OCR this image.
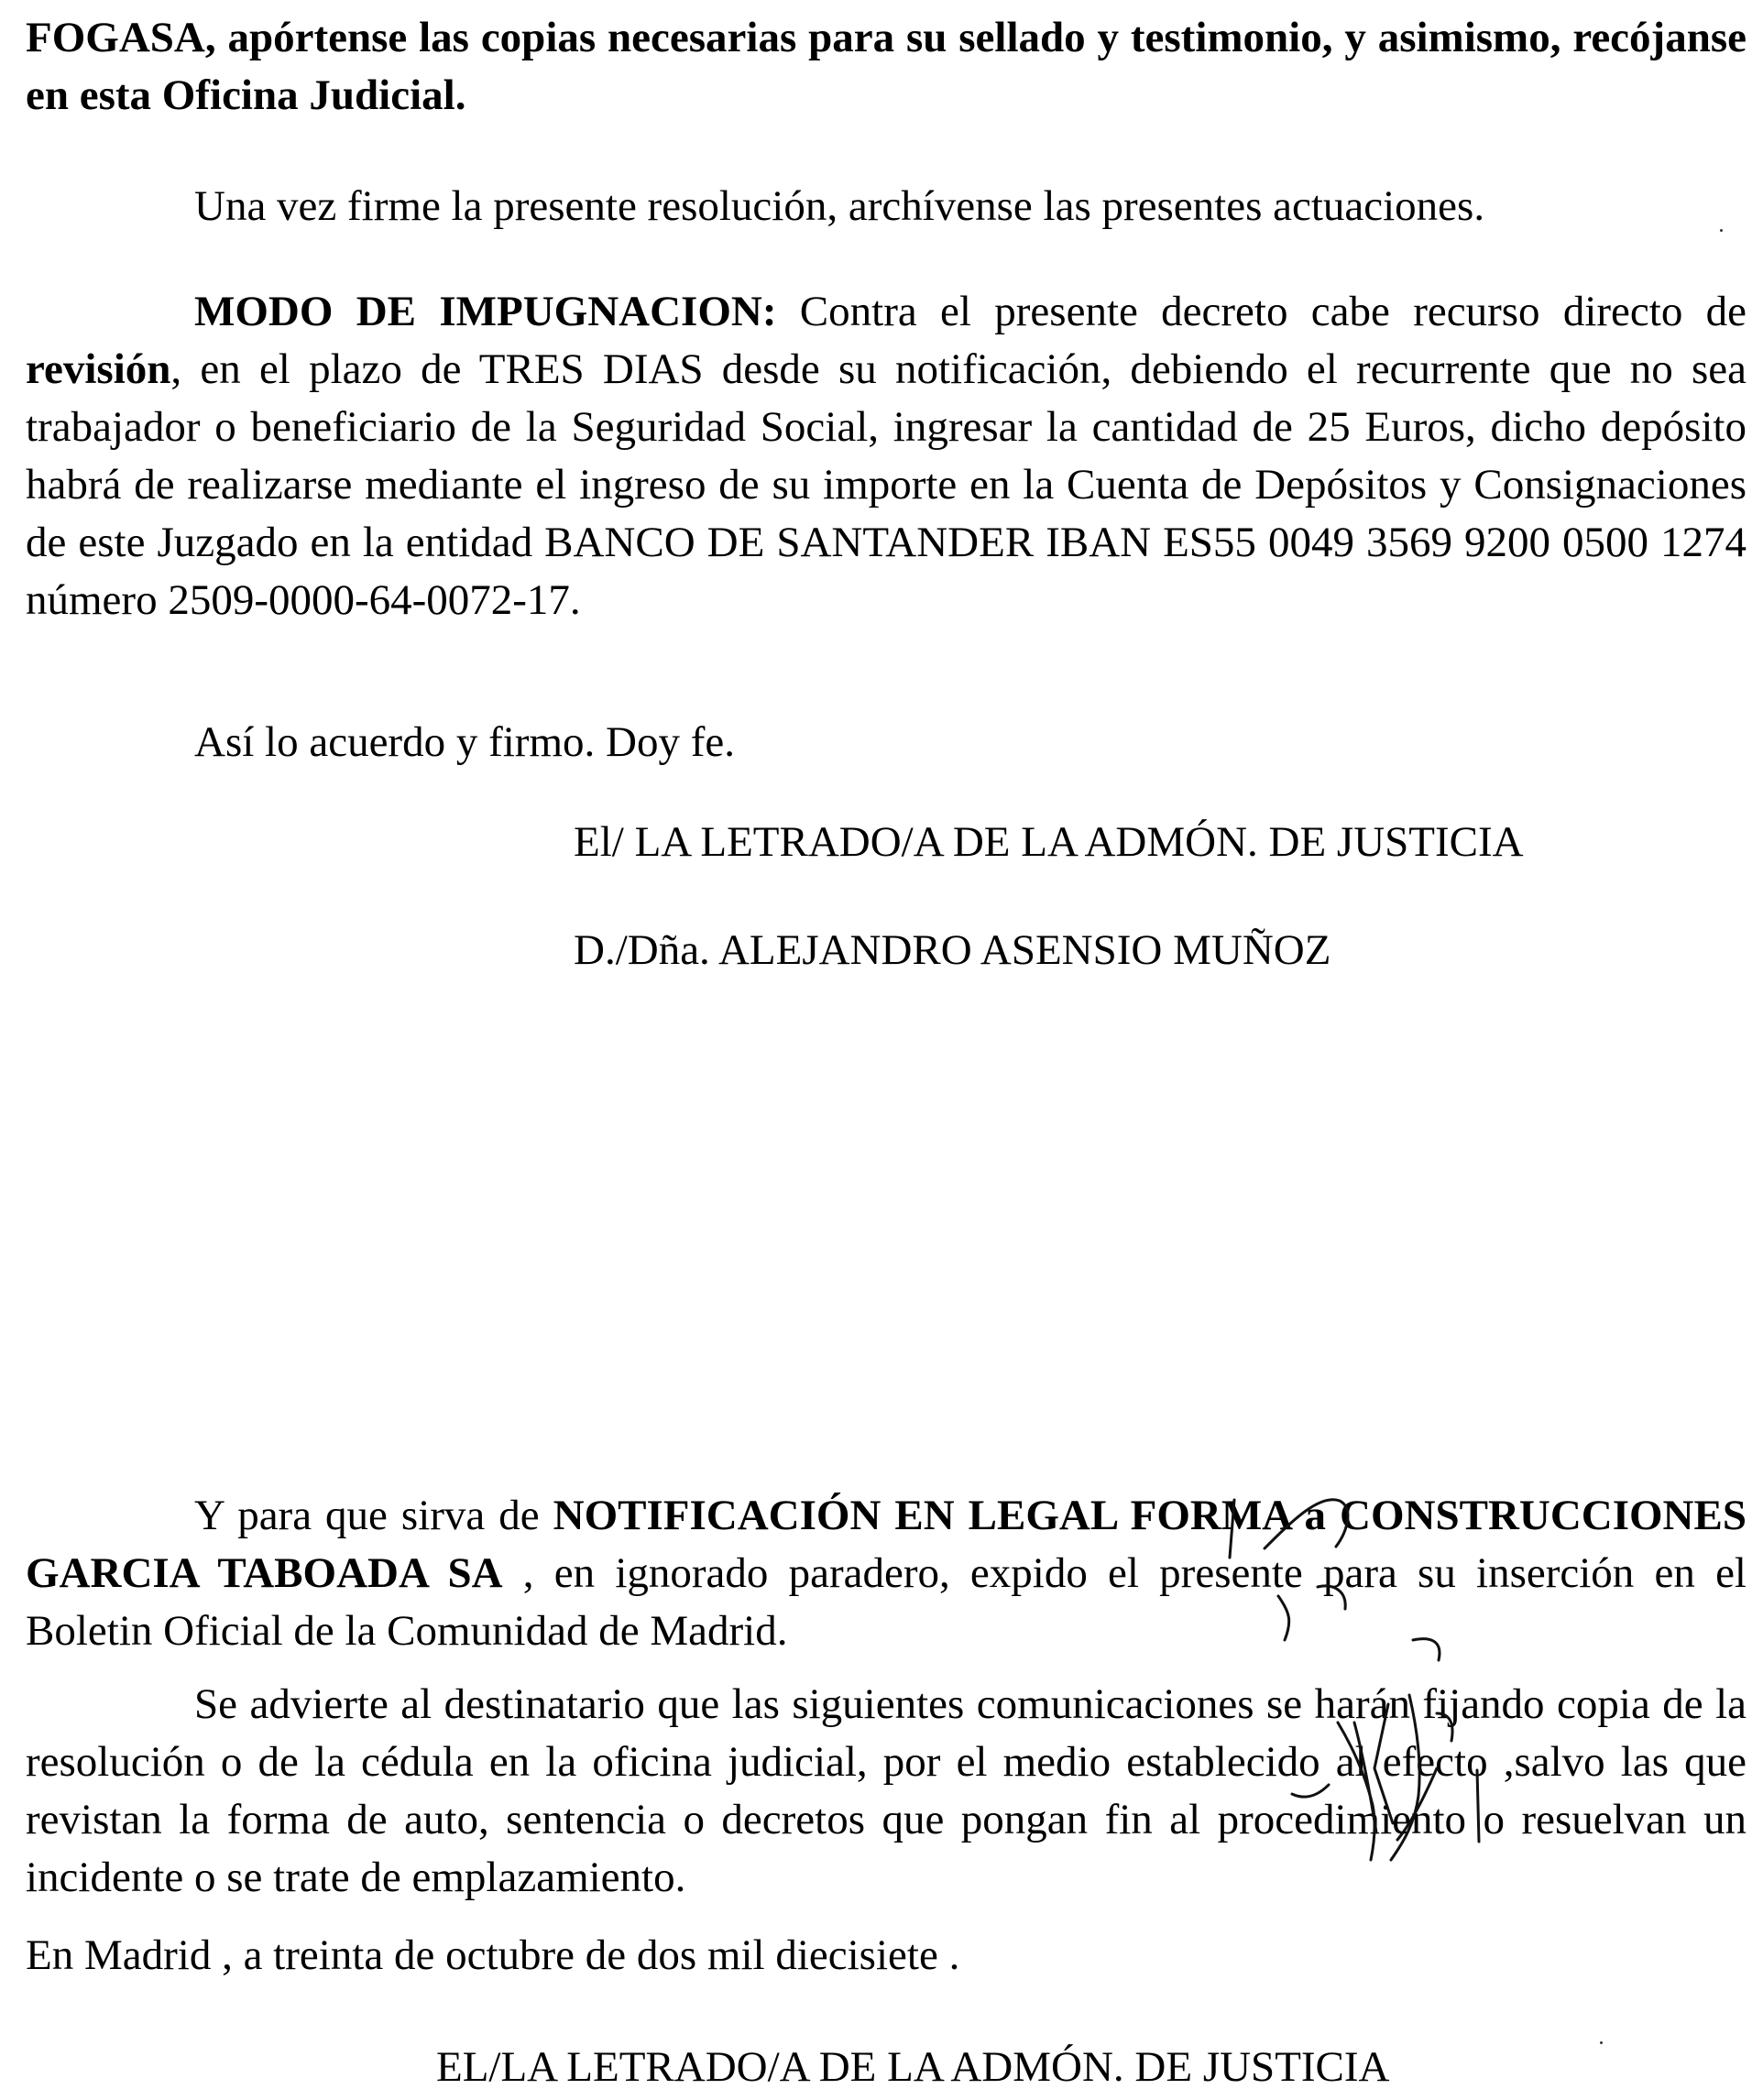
FOGASA, apórtense las copias necesarias para su sellado y testimonio, y asimismo, recójanse en esta Oficina Judicial.

Una vez firme la presente resolución, archívense las presentes actuaciones.

MODO DE IMPUGNACION: Contra el presente decreto cabe recurso directo de revisión, en el plazo de TRES DIAS desde su notificación, debiendo el recurrente que no sea trabajador o beneficiario de la Seguridad Social, ingresar la cantidad de 25 Euros, dicho depósito habrá de realizarse mediante el ingreso de su importe en la Cuenta de Depósitos y Consignaciones de este Juzgado en la entidad BANCO DE SANTANDER IBAN ES55 0049 3569 9200 0500 1274 número 2509-0000-64-0072-17.

Así lo acuerdo y firmo. Doy fe.

El/ LA LETRADO/A DE LA ADMÓN. DE JUSTICIA

D./Dña. ALEJANDRO ASENSIO MUÑOZ

Y para que sirva de NOTIFICACIÓN EN LEGAL FORMA a CONSTRUCCIONES GARCIA TABOADA SA , en ignorado paradero, expido el presente para su inserción en el Boletin Oficial de la Comunidad de Madrid.

Se advierte al destinatario que las siguientes comunicaciones se harán fijando copia de la resolución o de la cédula en la oficina judicial, por el medio establecido al efecto ,salvo las que revistan la forma de auto, sentencia o decretos que pongan fin al procedimiento o resuelvan un incidente o se trate de emplazamiento.

En Madrid , a treinta de octubre de dos mil diecisiete .

EL/LA LETRADO/A DE LA ADMÓN. DE JUSTICIA
